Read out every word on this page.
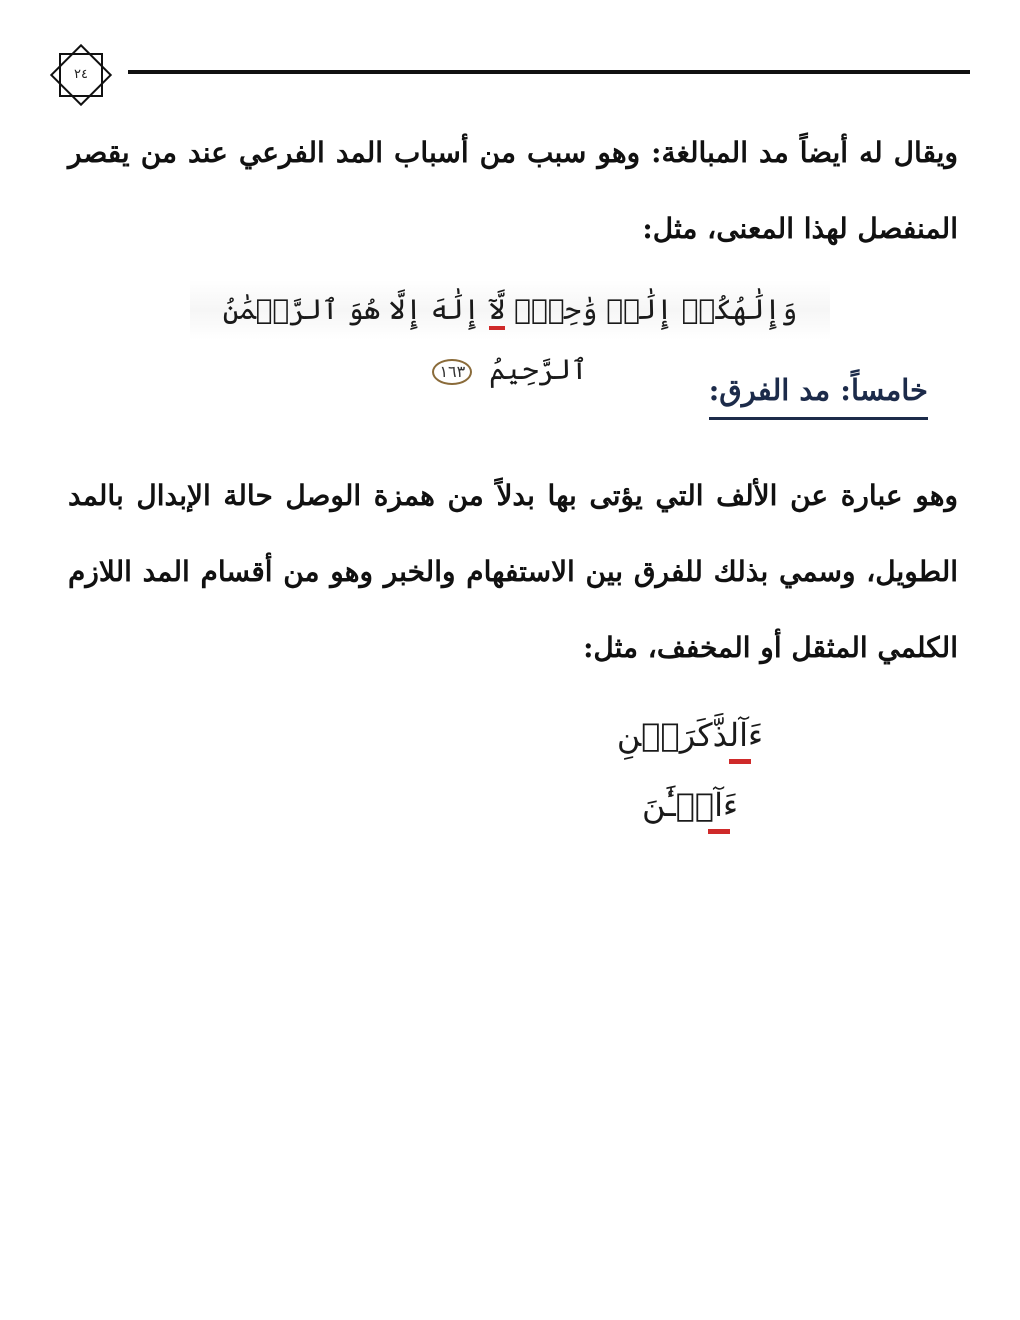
٢٤

ويقال له أيضاً مد المبالغة: وهو سبب من أسباب المد الفرعي عند من يقصر المنفصل لهذا المعنى، مثل:

وَإِلَٰهُكُمۡ إِلَٰهٞ وَٰحِدٞۖ لَّآ إِلَٰهَ إِلَّا هُوَ ٱلرَّحۡمَٰنُ ٱلرَّحِيمُ ١٦٣
خامساً: مد الفرق:

وهو عبارة عن الألف التي يؤتى بها بدلاً من همزة الوصل حالة الإبدال بالمد الطويل، وسمي بذلك للفرق بين الاستفهام والخبر وهو من أقسام المد اللازم الكلمي المثقل أو المخفف، مثل:

ءَآلذَّكَرَيۡنِ
ءَآلۡـَٰٔنَ
